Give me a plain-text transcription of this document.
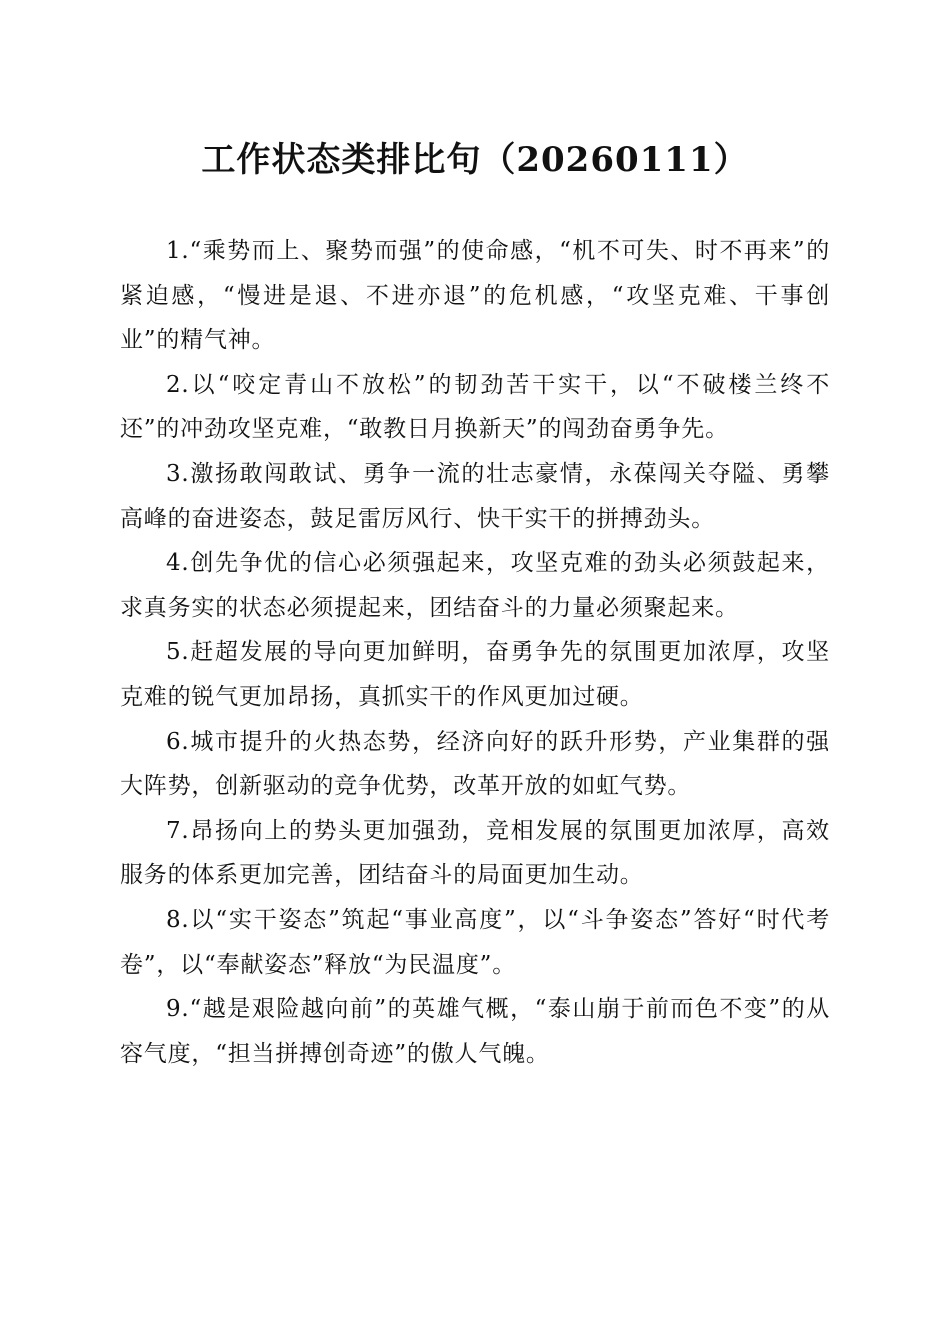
工作状态类排比句（20260111）

1.“乘势而上、聚势而强”的使命感，“机不可失、时不再来”的紧迫感，“慢进是退、不进亦退”的危机感，“攻坚克难、干事创业”的精气神。

2.以“咬定青山不放松”的韧劲苦干实干，以“不破楼兰终不还”的冲劲攻坚克难，“敢教日月换新天”的闯劲奋勇争先。

3.激扬敢闯敢试、勇争一流的壮志豪情，永葆闯关夺隘、勇攀高峰的奋进姿态，鼓足雷厉风行、快干实干的拼搏劲头。

4.创先争优的信心必须强起来，攻坚克难的劲头必须鼓起来，求真务实的状态必须提起来，团结奋斗的力量必须聚起来。

5.赶超发展的导向更加鲜明，奋勇争先的氛围更加浓厚，攻坚克难的锐气更加昂扬，真抓实干的作风更加过硬。

6.城市提升的火热态势，经济向好的跃升形势，产业集群的强大阵势，创新驱动的竞争优势，改革开放的如虹气势。

7.昂扬向上的势头更加强劲，竞相发展的氛围更加浓厚，高效服务的体系更加完善，团结奋斗的局面更加生动。

8.以“实干姿态”筑起“事业高度”，以“斗争姿态”答好“时代考卷”，以“奉献姿态”释放“为民温度”。

9.“越是艰险越向前”的英雄气概，“泰山崩于前而色不变”的从容气度，“担当拼搏创奇迹”的傲人气魄。
